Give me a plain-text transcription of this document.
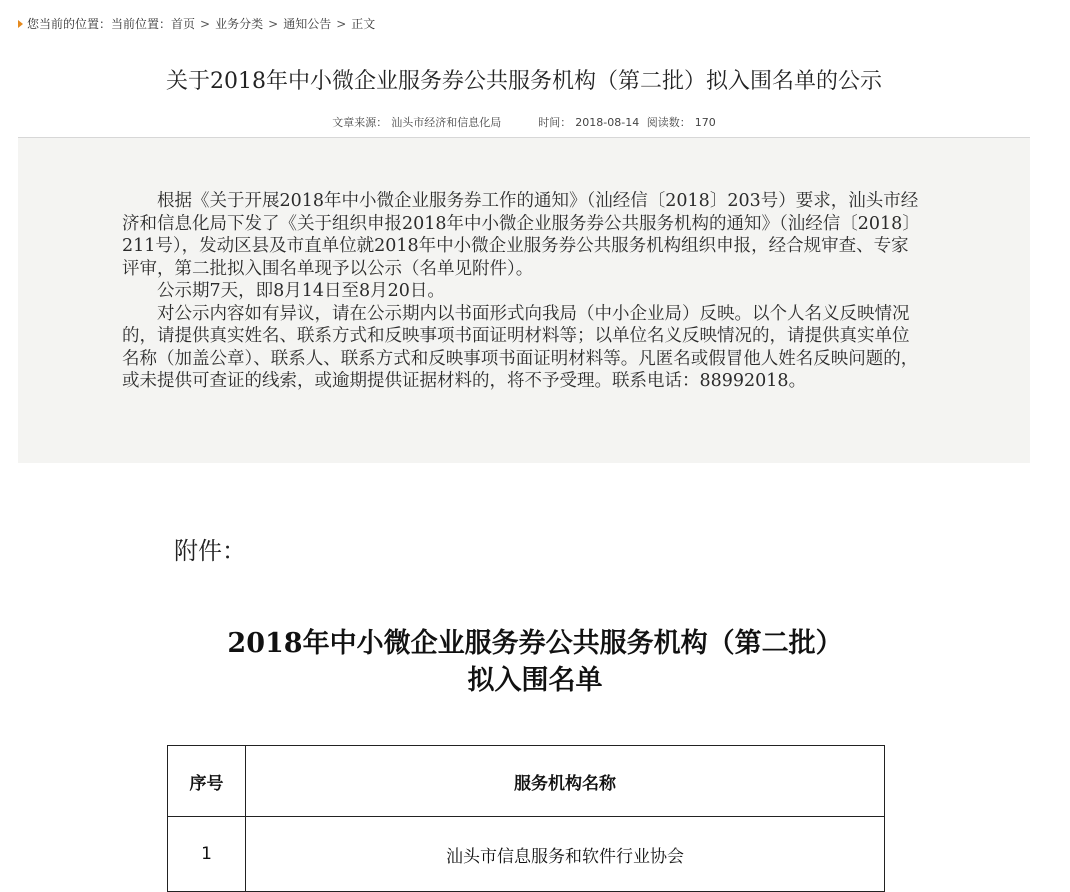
您当前的位置： 当前位置： 首页 > 业务分类 > 通知公告 > 正文
关于2018年中小微企业服务券公共服务机构（第二批）拟入围名单的公示
文章来源： 汕头市经济和信息化局	时间： 2018-08-14 阅读数： 170

根据《关于开展2018年中小微企业服务券工作的通知》（汕经信〔2018〕203号）要求，汕头市经济和信息化局下发了《关于组织申报2018年中小微企业服务券公共服务机构的通知》（汕经信〔2018〕211号），发动区县及市直单位就2018年中小微企业服务券公共服务机构组织申报，经合规审查、专家评审，第二批拟入围名单现予以公示（名单见附件）。

公示期7天，即8月14日至8月20日。

对公示内容如有异议，请在公示期内以书面形式向我局（中小企业局）反映。以个人名义反映情况的，请提供真实姓名、联系方式和反映事项书面证明材料等；以单位名义反映情况的，请提供真实单位名称（加盖公章）、联系人、联系方式和反映事项书面证明材料等。凡匿名或假冒他人姓名反映问题的，或未提供可查证的线索，或逾期提供证据材料的，将不予受理。联系电话：88992018。

附件：
2018年中小微企业服务券公共服务机构（第二批）
拟入围名单
序号	服务机构名称
1	汕头市信息服务和软件行业协会
